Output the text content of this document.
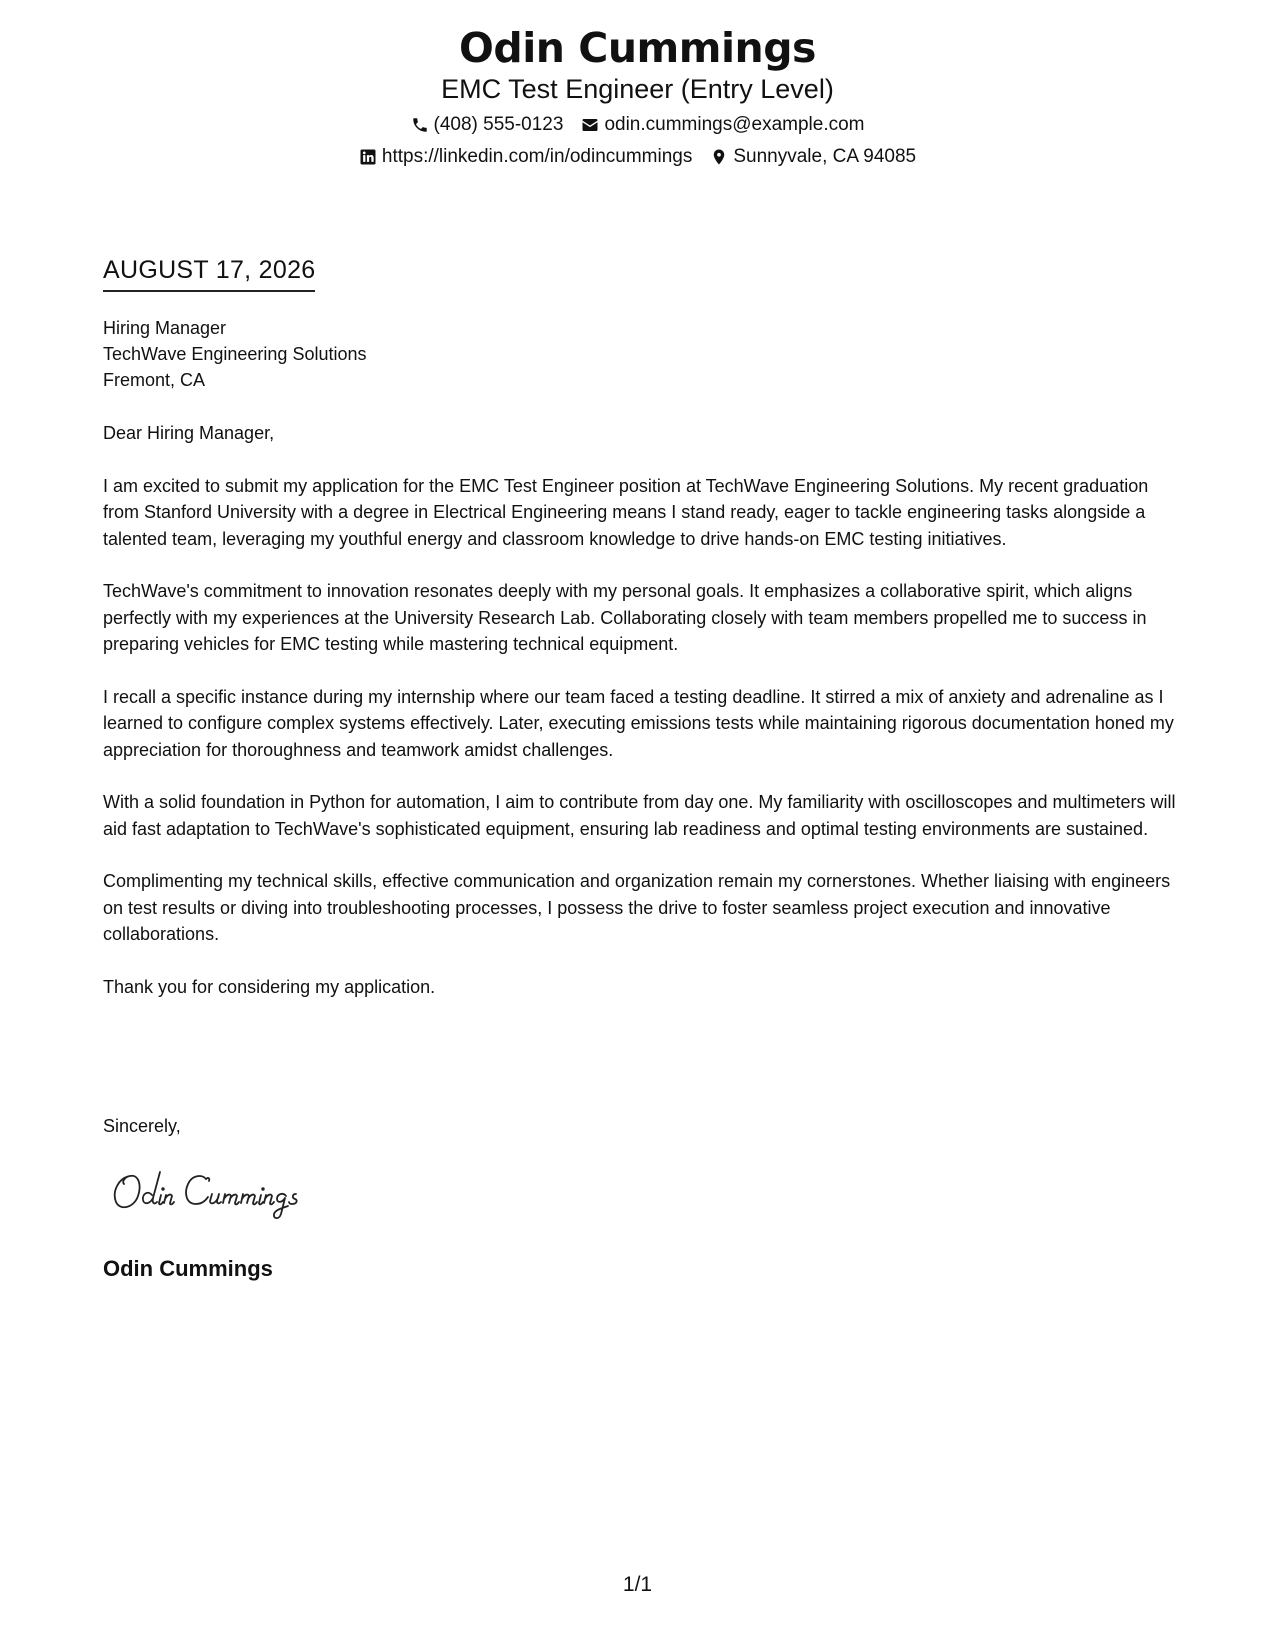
Odin Cummings
EMC Test Engineer (Entry Level)
(408) 555-0123 odin.cummings@example.com
https://linkedin.com/in/odincummings Sunnyvale, CA 94085
AUGUST 17, 2026
Hiring Manager
TechWave Engineering Solutions
Fremont, CA
Dear Hiring Manager,
I am excited to submit my application for the EMC Test Engineer position at TechWave Engineering Solutions. My recent graduation from Stanford University with a degree in Electrical Engineering means I stand ready, eager to tackle engineering tasks alongside a talented team, leveraging my youthful energy and classroom knowledge to drive hands-on EMC testing initiatives.
TechWave's commitment to innovation resonates deeply with my personal goals. It emphasizes a collaborative spirit, which aligns perfectly with my experiences at the University Research Lab. Collaborating closely with team members propelled me to success in preparing vehicles for EMC testing while mastering technical equipment.
I recall a specific instance during my internship where our team faced a testing deadline. It stirred a mix of anxiety and adrenaline as I learned to configure complex systems effectively. Later, executing emissions tests while maintaining rigorous documentation honed my appreciation for thoroughness and teamwork amidst challenges.
With a solid foundation in Python for automation, I aim to contribute from day one. My familiarity with oscilloscopes and multimeters will aid fast adaptation to TechWave's sophisticated equipment, ensuring lab readiness and optimal testing environments are sustained.
Complimenting my technical skills, effective communication and organization remain my cornerstones. Whether liaising with engineers on test results or diving into troubleshooting processes, I possess the drive to foster seamless project execution and innovative collaborations.
Thank you for considering my application.
Sincerely,
Odin Cummings
1/1
